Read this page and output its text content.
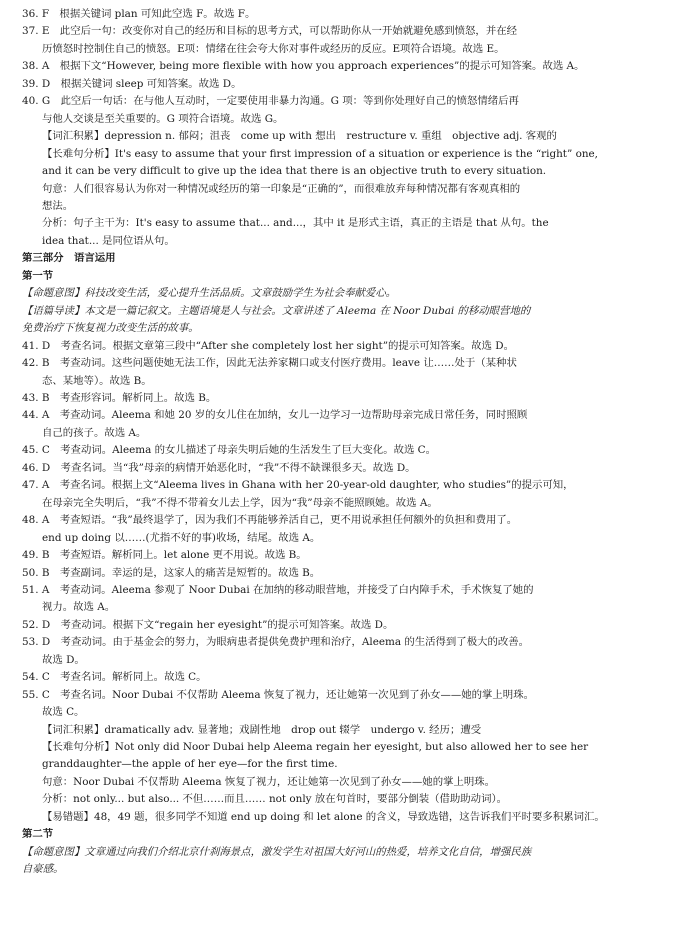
36. F　根据关键词 plan 可知此空选 F。故选 F。
37. E　此空后一句：改变你对自己的经历和目标的思考方式，可以帮助你从一开始就避免感到愤怒，并在经
历愤怒时控制住自己的愤怒。E项：情绪在往会夸大你对事件或经历的反应。E项符合语境。故选 E。
38. A　根据下文“However, being more flexible with how you approach experiences”的提示可知答案。故选 A。
39. D　根据关键词 sleep 可知答案。故选 D。
40. G　此空后一句话：在与他人互动时，一定要使用非暴力沟通。G 项：等到你处理好自己的愤怒情绪后再
与他人交谈是至关重要的。G 项符合语境。故选 G。
【词汇积累】depression n. 郁闷；沮丧　come up with 想出　restructure v. 重组　objective adj. 客观的
【长难句分析】It's easy to assume that your first impression of a situation or experience is the “right” one,
and it can be very difficult to give up the idea that there is an objective truth to every situation.
句意：人们很容易认为你对一种情况或经历的第一印象是“正确的”，而很难放弃每种情况都有客观真相的
想法。
分析：句子主干为：It's easy to assume that... and...，其中 it 是形式主语，真正的主语是 that 从句。the
idea that... 是同位语从句。
第三部分　语言运用
第一节
【命题意图】科技改变生活，爱心提升生活品质。文章鼓励学生为社会奉献爱心。
【语篇导读】本文是一篇记叙文。主题语境是人与社会。文章讲述了 Aleema 在 Noor Dubai 的移动眼营地的
免费治疗下恢复视力改变生活的故事。
41. D　考查名词。根据文章第三段中“After she completely lost her sight”的提示可知答案。故选 D。
42. B　考查动词。这些问题使她无法工作，因此无法养家糊口或支付医疗费用。leave 让……处于（某种状
态、某地等）。故选 B。
43. B　考查形容词。解析同上。故选 B。
44. A　考查动词。Aleema 和她 20 岁的女儿住在加纳，女儿一边学习一边帮助母亲完成日常任务，同时照顾
自己的孩子。故选 A。
45. C　考查动词。Aleema 的女儿描述了母亲失明后她的生活发生了巨大变化。故选 C。
46. D　考查名词。当“我”母亲的病情开始恶化时，“我”不得不缺课很多天。故选 D。
47. A　考查名词。根据上文“Aleema lives in Ghana with her 20-year-old daughter, who studies”的提示可知，
在母亲完全失明后，“我”不得不带着女儿去上学，因为“我”母亲不能照顾她。故选 A。
48. A　考查短语。“我”最终退学了，因为我们不再能够养活自己，更不用说承担任何额外的负担和费用了。
end up doing 以……(尤指不好的事)收场，结尾。故选 A。
49. B　考查短语。解析同上。let alone 更不用说。故选 B。
50. B　考查副词。幸运的是，这家人的痛苦是短暂的。故选 B。
51. A　考查动词。Aleema 参观了 Noor Dubai 在加纳的移动眼营地，并接受了白内障手术，手术恢复了她的
视力。故选 A。
52. D　考查动词。根据下文“regain her eyesight”的提示可知答案。故选 D。
53. D　考查动词。由于基金会的努力，为眼病患者提供免费护理和治疗，Aleema 的生活得到了极大的改善。
故选 D。
54. C　考查名词。解析同上。故选 C。
55. C　考查名词。Noor Dubai 不仅帮助 Aleema 恢复了视力，还让她第一次见到了孙女——她的掌上明珠。
故选 C。
【词汇积累】dramatically adv. 显著地；戏剧性地　drop out 辍学　undergo v. 经历；遭受
【长难句分析】Not only did Noor Dubai help Aleema regain her eyesight, but also allowed her to see her
granddaughter—the apple of her eye—for the first time.
句意：Noor Dubai 不仅帮助 Aleema 恢复了视力，还让她第一次见到了孙女——她的掌上明珠。
分析：not only... but also... 不但……而且…… not only 放在句首时，要部分倒装（借助助动词）。
【易错题】48，49 题，很多同学不知道 end up doing 和 let alone 的含义，导致选错，这告诉我们平时要多积累词汇。
第二节
【命题意图】文章通过向我们介绍北京什刹海景点，激发学生对祖国大好河山的热爱，培养文化自信，增强民族
自豪感。
